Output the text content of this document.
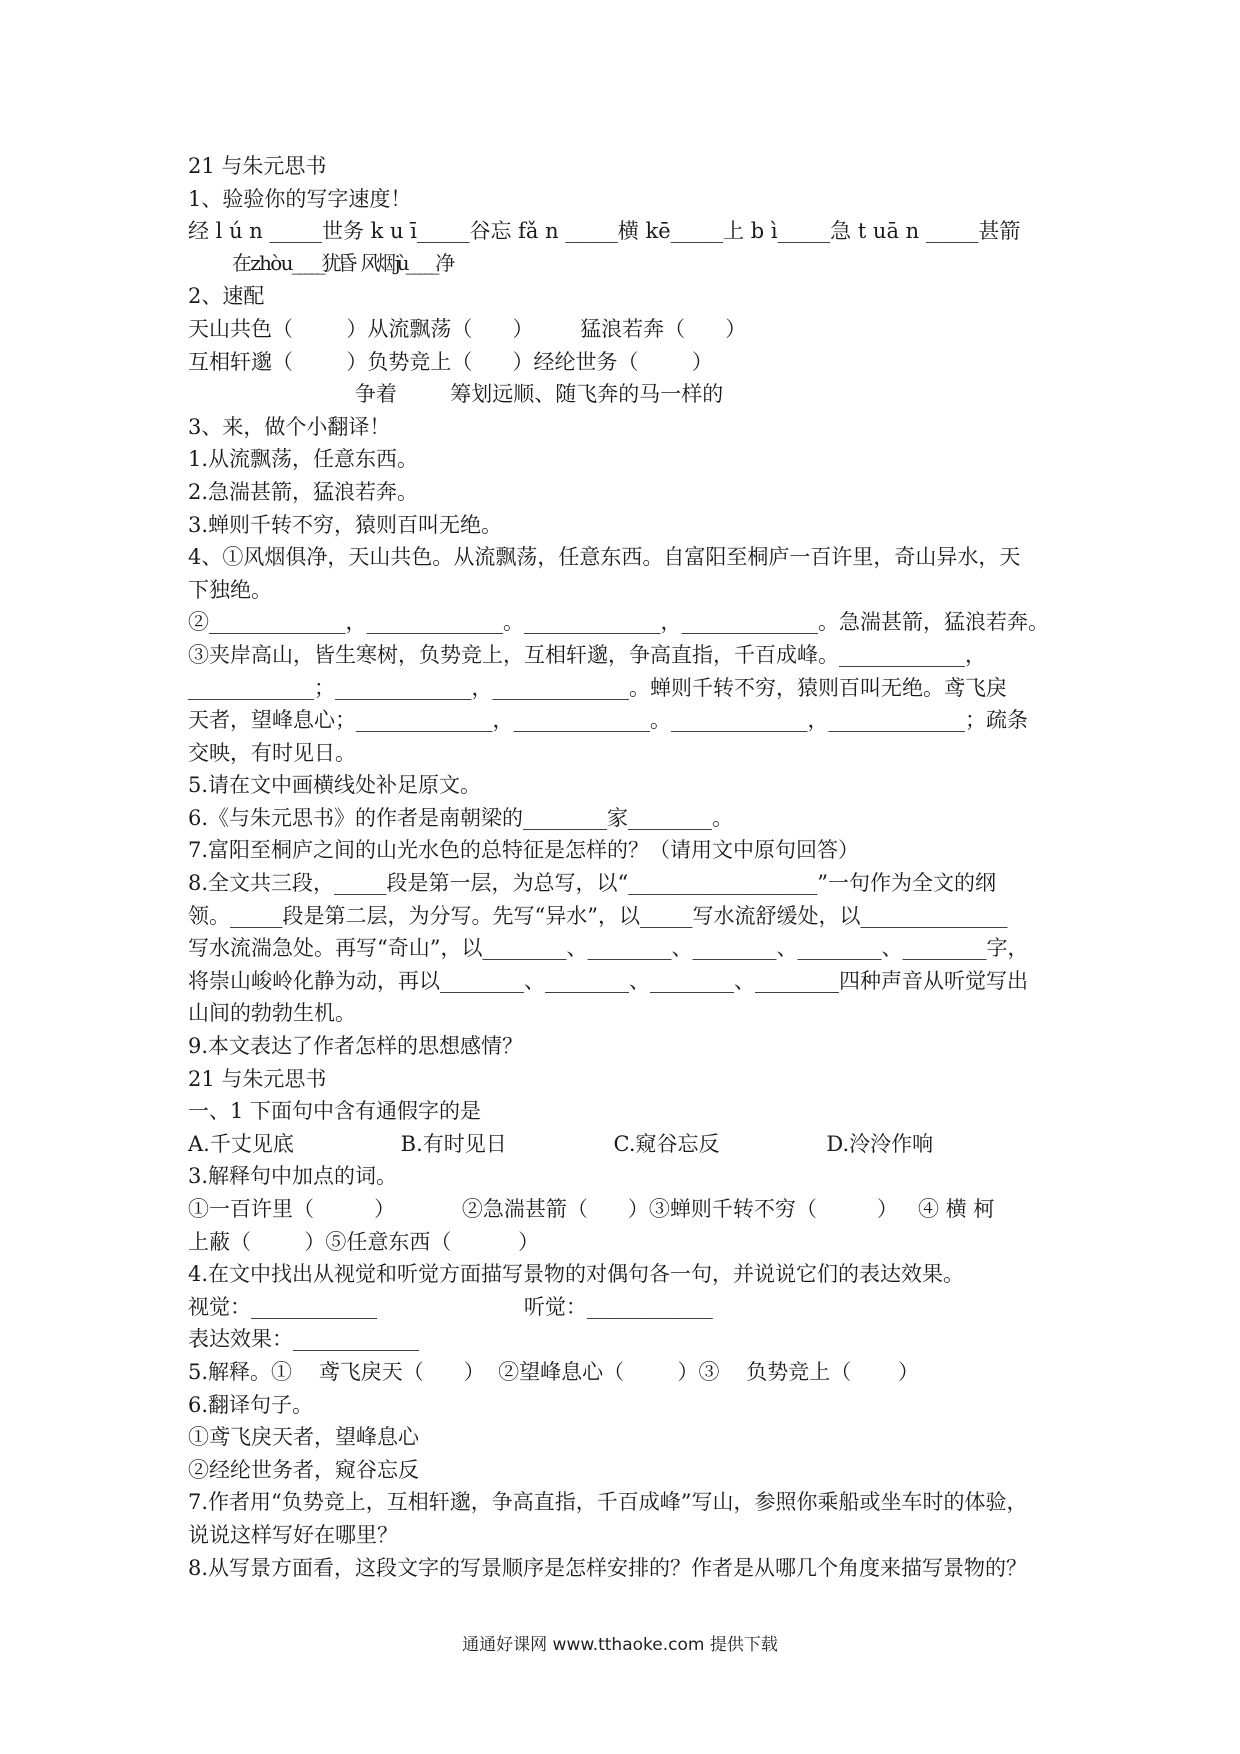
21 与朱元思书
1、验验你的写字速度！
经 l ú n _____世务 k u ī_____谷忘 fǎ n _____横 kē_____上 b ì_____急 t uā n _____甚箭
在 z h ò u _____犹昏   风烟 jù_____净
2、速配
天山共色（        ）从流飘荡（      ）       猛浪若奔（      ）
互相轩邈（        ）负势竞上（      ）经纶世务（        ）
争着        筹划远顺、随飞奔的马一样的
3、来，做个小翻译！
1.从流飘荡，任意东西。
2.急湍甚箭，猛浪若奔。
3.蝉则千转不穷，猿则百叫无绝。
4、①风烟俱净，天山共色。从流飘荡，任意东西。自富阳至桐庐一百许里，奇山异水，天
下独绝。
②_____________，_____________。_____________，_____________。急湍甚箭，猛浪若奔。
③夹岸高山，皆生寒树，负势竞上，互相轩邈，争高直指，千百成峰。____________，
____________；_____________，_____________。蝉则千转不穷，猿则百叫无绝。鸢飞戾
天者，望峰息心；_____________，_____________。_____________，_____________；疏条
交映，有时见日。
5.请在文中画横线处补足原文。
6.《与朱元思书》的作者是南朝梁的________家________。
7.富阳至桐庐之间的山光水色的总特征是怎样的？（请用文中原句回答）
8.全文共三段，_____段是第一层，为总写，以“__________________”一句作为全文的纲
领。_____段是第二层，为分写。先写“异水”，以_____写水流舒缓处，以______________
写水流湍急处。再写“奇山”，以________、________、________、________、________字，
将崇山峻岭化静为动，再以________、________、________、________四种声音从听觉写出
山间的勃勃生机。
9.本文表达了作者怎样的思想感情？
21 与朱元思书
一、1 下面句中含有通假字的是
A.千丈见底                B.有时见日                C.窥谷忘反                D.泠泠作响
3.解释句中加点的词。
①一百许里（         ）          ②急湍甚箭（      ）③蝉则千转不穷（         ）   ④ 横 柯
上蔽（        ）⑤任意东西（          ）
4.在文中找出从视觉和听觉方面描写景物的对偶句各一句，并说说它们的表达效果。
视觉：____________                      听觉：____________
表达效果：____________
5.解释。①    鸢飞戾天（      ）  ②望峰息心（        ）③    负势竞上（       ）
6.翻译句子。
①鸢飞戾天者，望峰息心
②经纶世务者，窥谷忘反
7.作者用“负势竞上，互相轩邈，争高直指，千百成峰”写山，参照你乘船或坐车时的体验，
说说这样写好在哪里？
8.从写景方面看，这段文字的写景顺序是怎样安排的？作者是从哪几个角度来描写景物的？
通通好课网 www.tthaoke.com 提供下载
